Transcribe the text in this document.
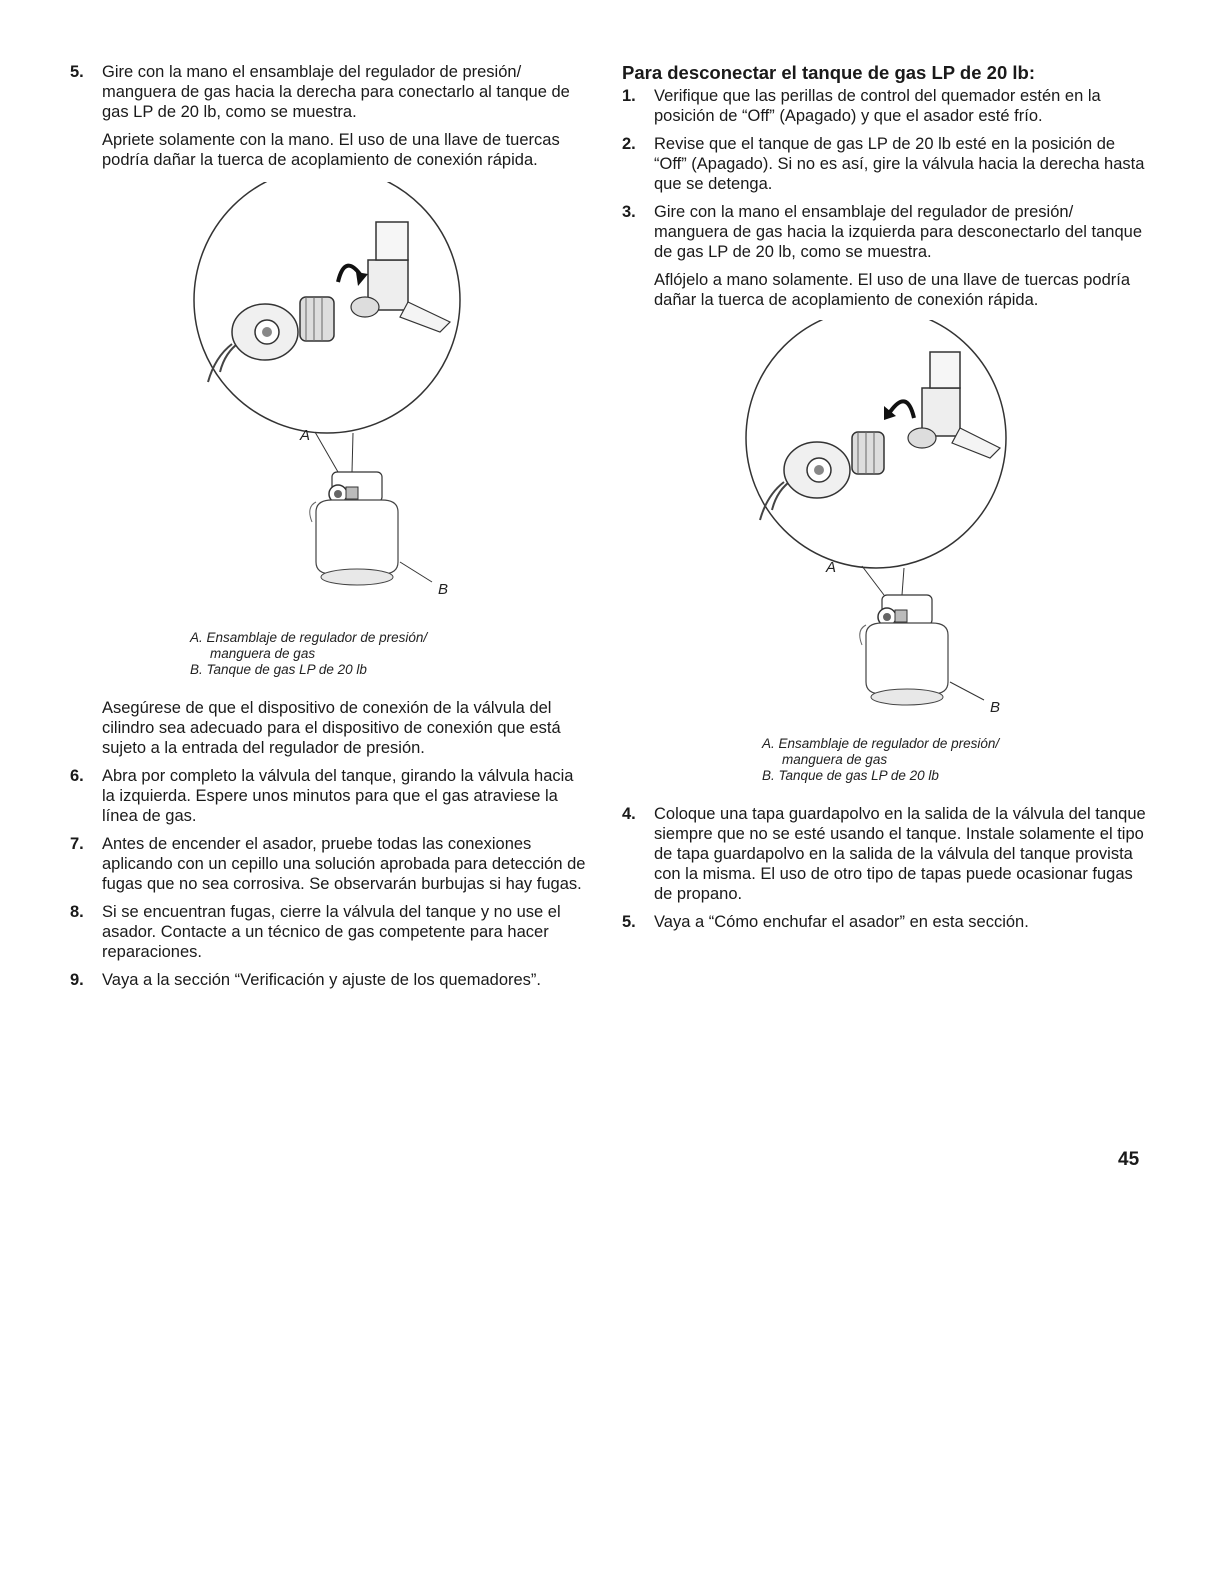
5. Gire con la mano el ensamblaje del regulador de presión/ manguera de gas hacia la derecha para conectarlo al tanque de gas LP de 20 lb, como se muestra.
Apriete solamente con la mano. El uso de una llave de tuercas podría dañar la tuerca de acoplamiento de conexión rápida.
A
B
A. Ensamblaje de regulador de presión/
manguera de gas
B. Tanque de gas LP de 20 lb
Asegúrese de que el dispositivo de conexión de la válvula del cilindro sea adecuado para el dispositivo de conexión que está sujeto a la entrada del regulador de presión.
6. Abra por completo la válvula del tanque, girando la válvula hacia la izquierda. Espere unos minutos para que el gas atraviese la línea de gas.
7. Antes de encender el asador, pruebe todas las conexiones aplicando con un cepillo una solución aprobada para detección de fugas que no sea corrosiva. Se observarán burbujas si hay fugas.
8. Si se encuentran fugas, cierre la válvula del tanque y no use el asador. Contacte a un técnico de gas competente para hacer reparaciones.
9. Vaya a la sección “Verificación y ajuste de los quemadores”.
Para desconectar el tanque de gas LP de 20 lb:
1. Verifique que las perillas de control del quemador estén en la posición de “Off” (Apagado) y que el asador esté frío.
2. Revise que el tanque de gas LP de 20 lb esté en la posición de “Off” (Apagado). Si no es así, gire la válvula hacia la derecha hasta que se detenga.
3. Gire con la mano el ensamblaje del regulador de presión/ manguera de gas hacia la izquierda para desconectarlo del tanque de gas LP de 20 lb, como se muestra.
Aflójelo a mano solamente. El uso de una llave de tuercas podría dañar la tuerca de acoplamiento de conexión rápida.
A
B
A. Ensamblaje de regulador de presión/
manguera de gas
B. Tanque de gas LP de 20 lb
4. Coloque una tapa guardapolvo en la salida de la válvula del tanque siempre que no se esté usando el tanque. Instale solamente el tipo de tapa guardapolvo en la salida de la válvula del tanque provista con la misma. El uso de otro tipo de tapas puede ocasionar fugas de propano.
5. Vaya a “Cómo enchufar el asador” en esta sección.
45
